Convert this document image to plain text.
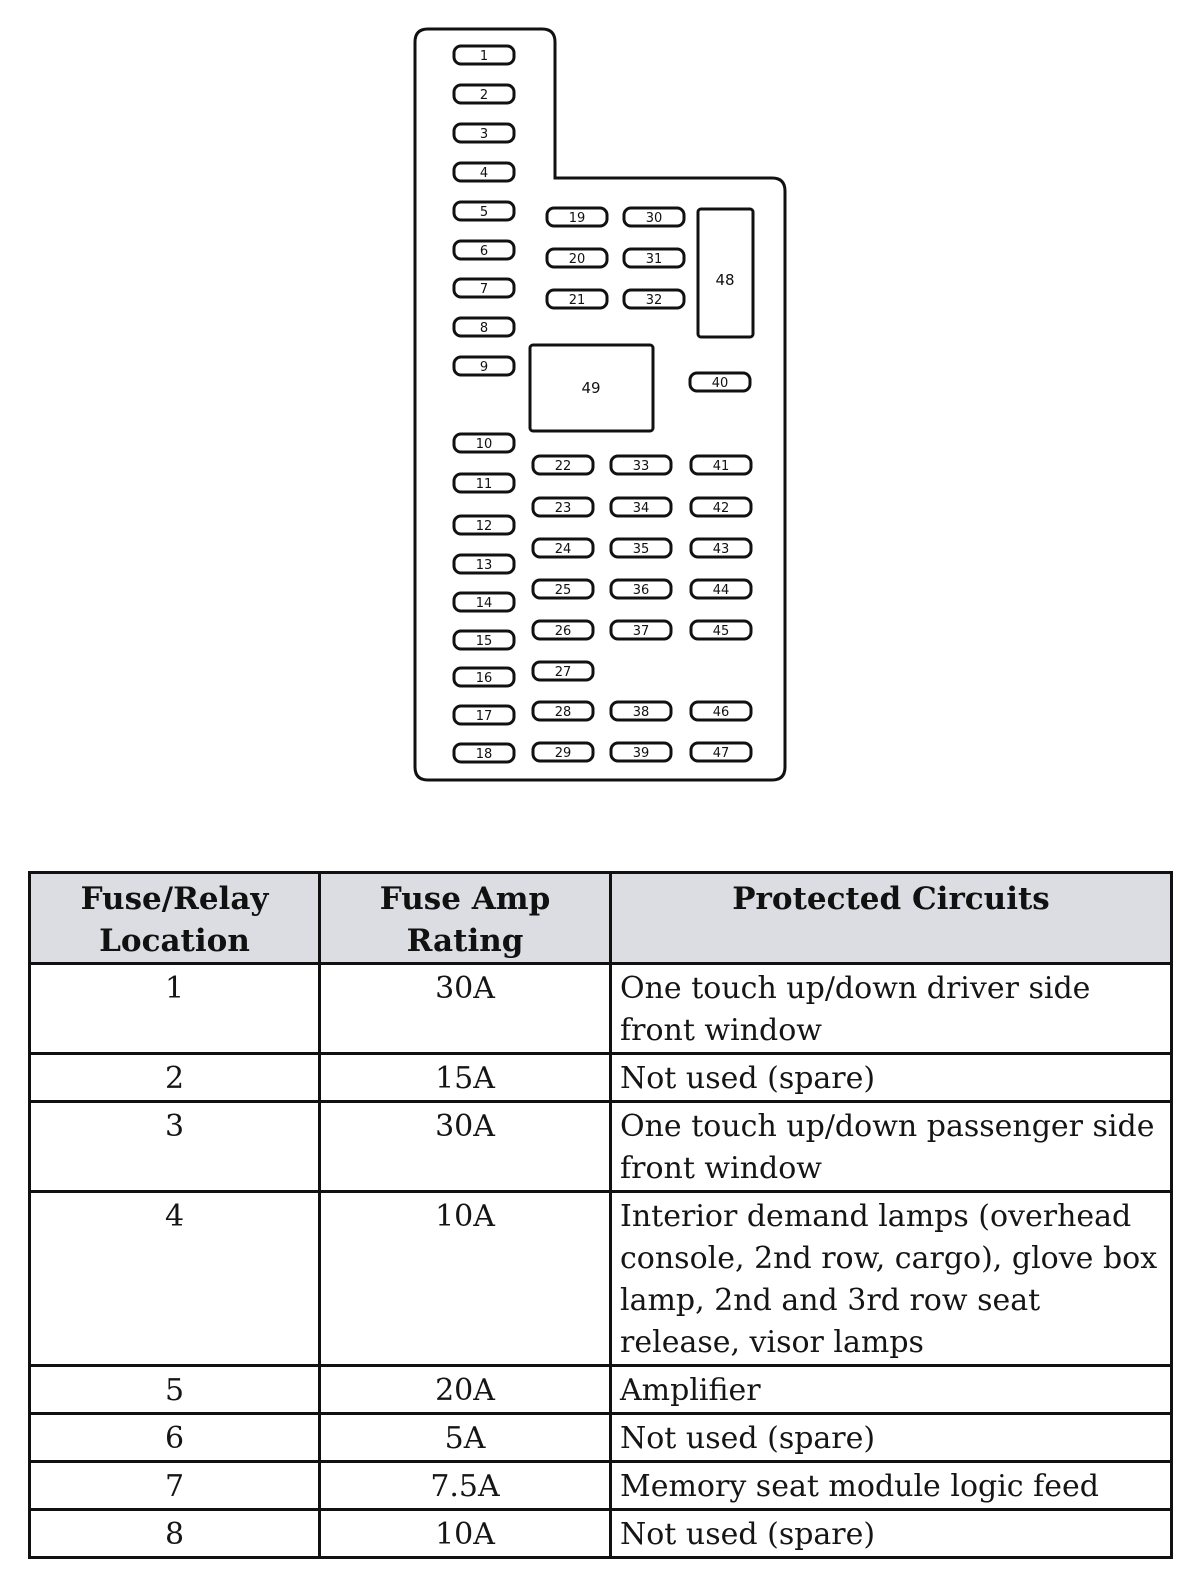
1
2
3
4
5
6
7
8
9
10
11
12
13
14
15
16
17
18
19
20
21
22
23
24
25
26
27
28
29
30
31
32
33
34
35
36
37
38
39
40
41
42
43
44
45
46
47
48
49
Fuse/Relay Location	Fuse Amp Rating	Protected Circuits
1	30A	One touch up/down driver side front window
2	15A	Not used (spare)
3	30A	One touch up/down passenger side front window
4	10A	Interior demand lamps (overhead console, 2nd row, cargo), glove box lamp, 2nd and 3rd row seat release, visor lamps
5	20A	Amplifier
6	5A	Not used (spare)
7	7.5A	Memory seat module logic feed
8	10A	Not used (spare)
